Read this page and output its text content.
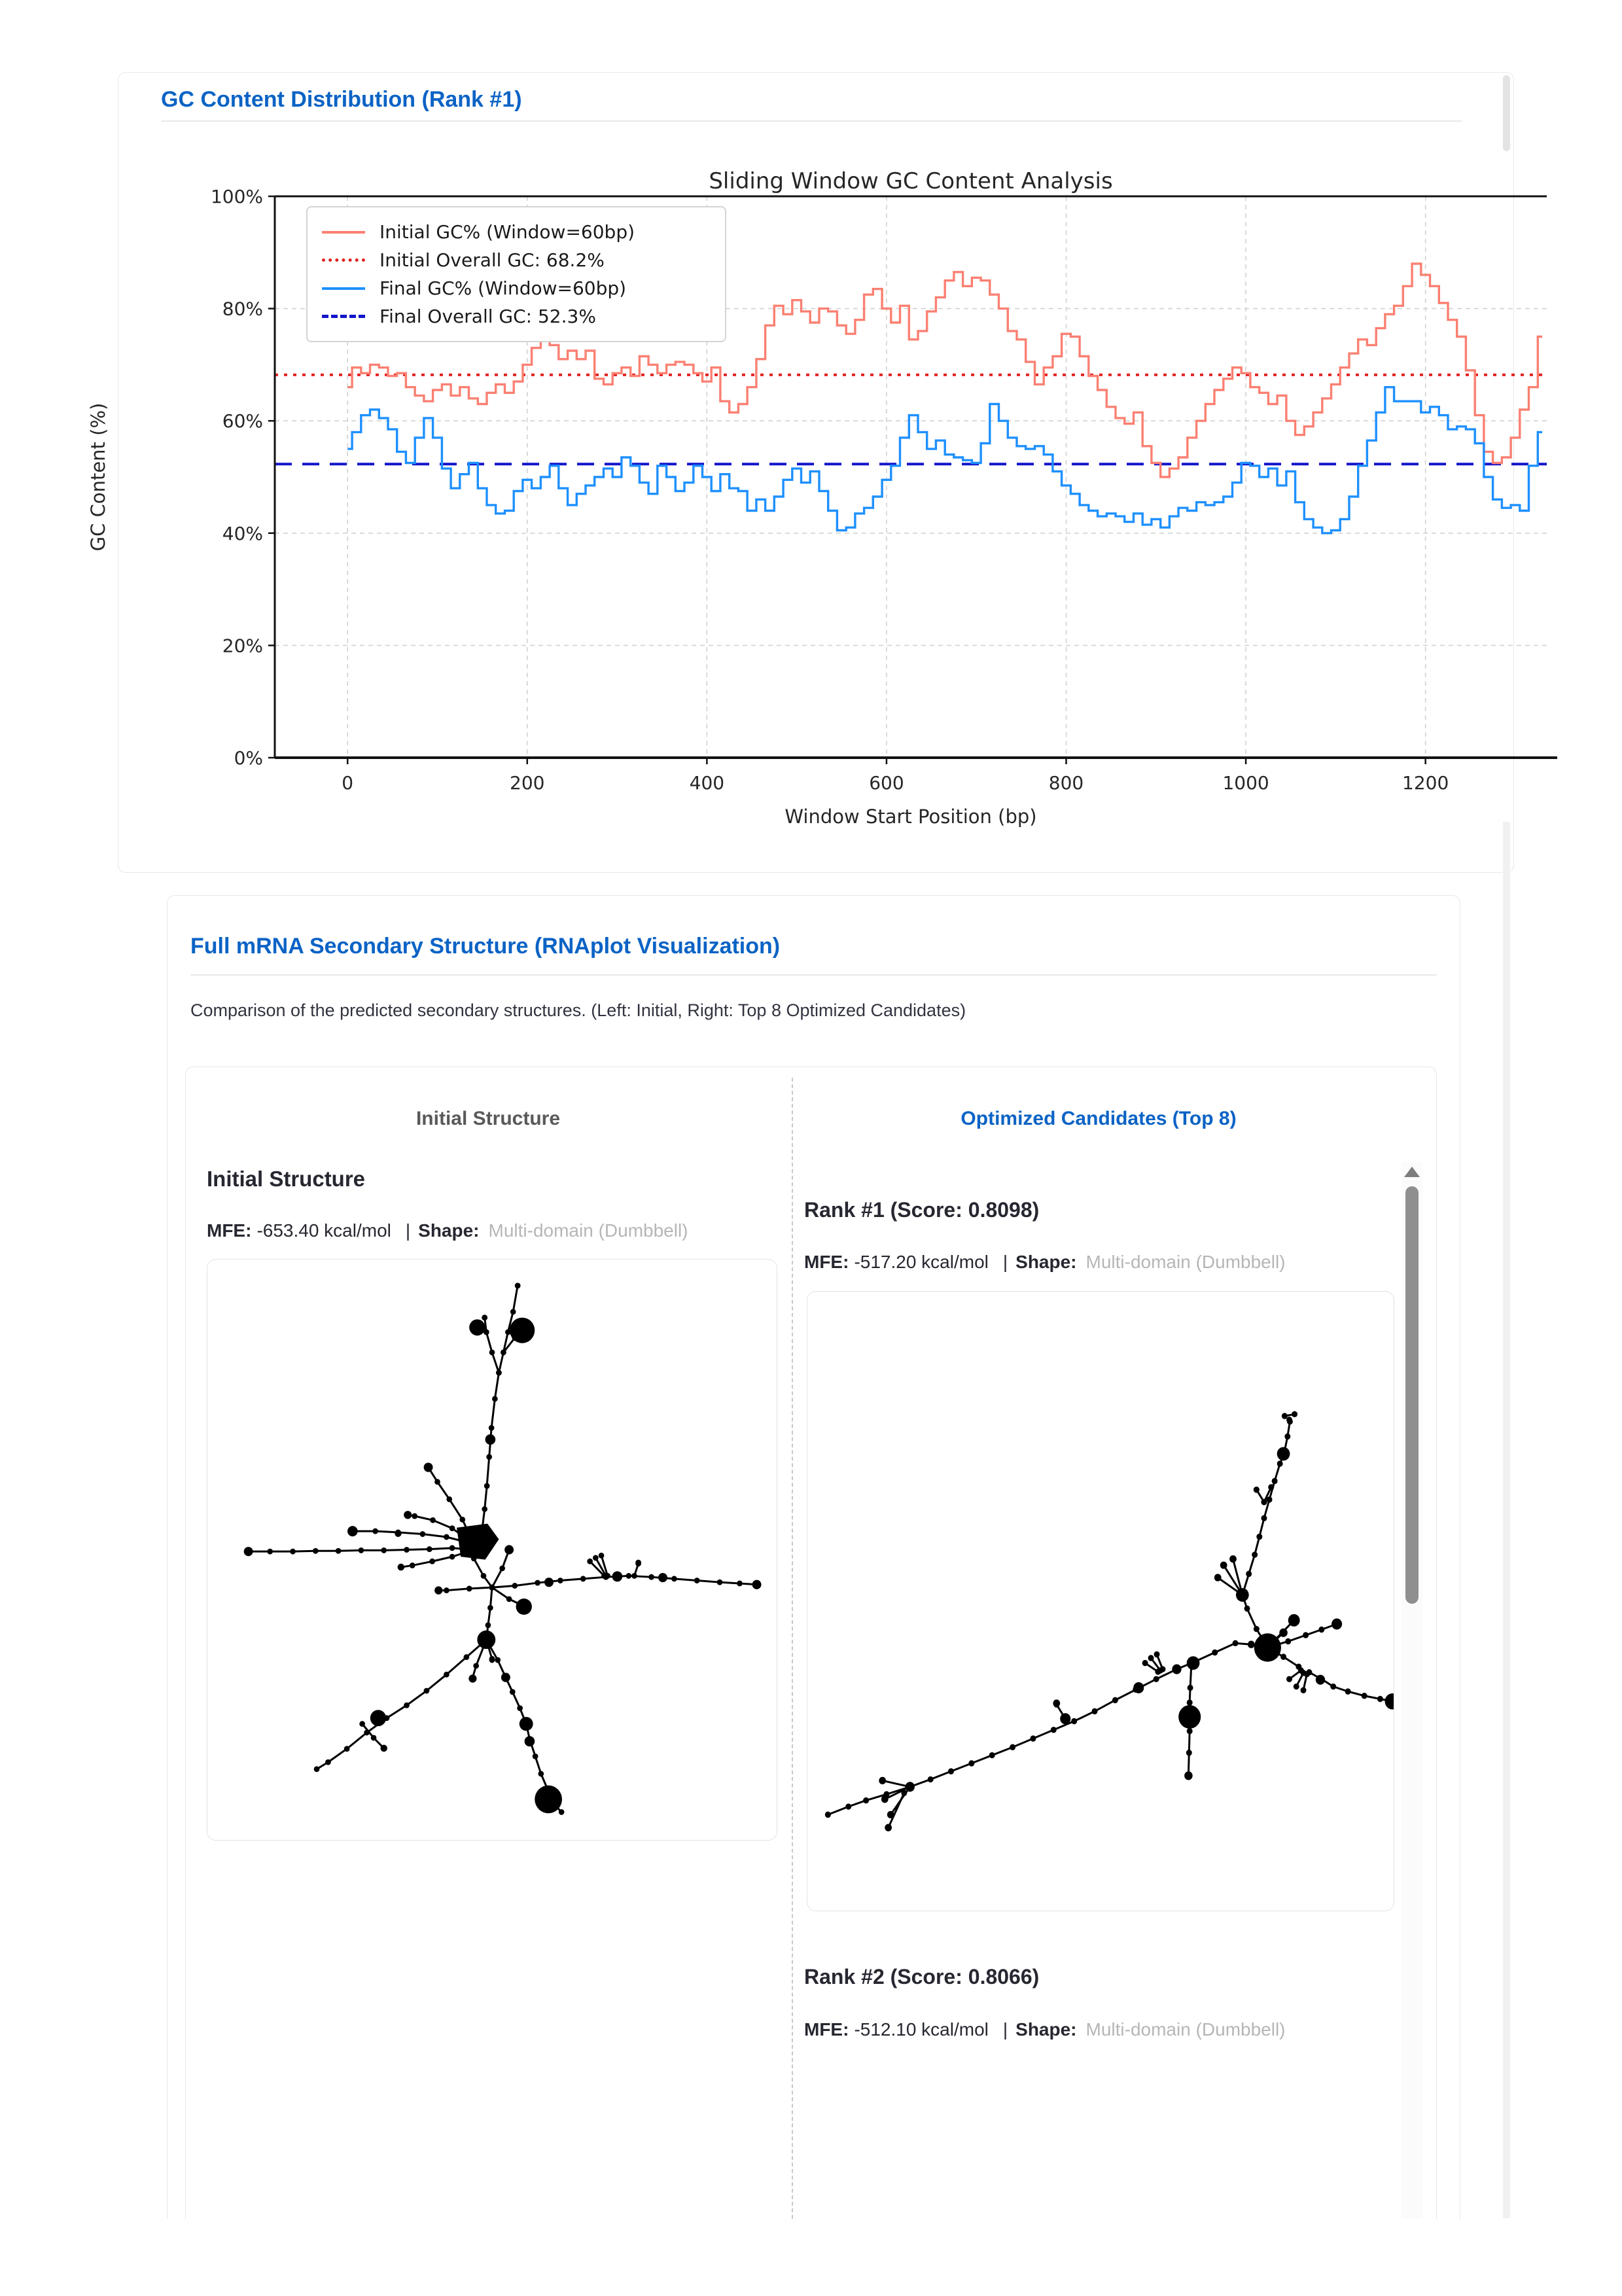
GC Content Distribution (Rank #1)
0%
20%
40%
60%
80%
100%
0	200	400	600	800	1000	1200
Sliding Window GC Content Analysis
Window Start Position (bp)
GC Content (%)
Initial GC% (Window=60bp)
Initial Overall GC: 68.2%
Final GC% (Window=60bp)
Final Overall GC: 52.3%
Full mRNA Secondary Structure (RNAplot Visualization)
Comparison of the predicted secondary structures. (Left: Initial, Right: Top 8 Optimized Candidates)
Initial Structure
Initial Structure
MFE: -653.40 kcal/mol | Shape: Multi-domain (Dumbbell)
Optimized Candidates (Top 8)
Rank #1 (Score: 0.8098)
MFE: -517.20 kcal/mol | Shape: Multi-domain (Dumbbell)
Rank #2 (Score: 0.8066)
MFE: -512.10 kcal/mol | Shape: Multi-domain (Dumbbell)
